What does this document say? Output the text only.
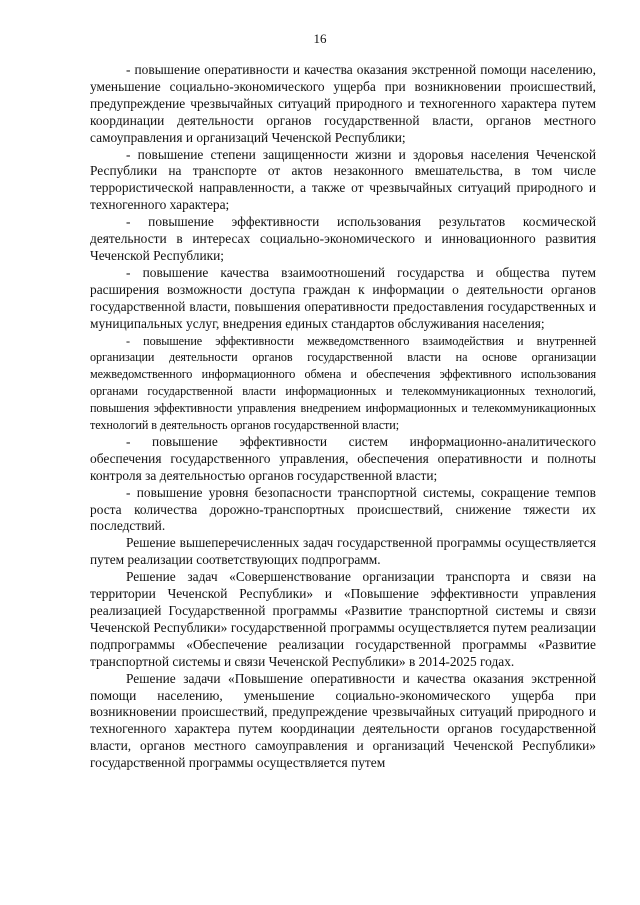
16

- повышение оперативности и качества оказания экстренной помощи населению, уменьшение социально-экономического ущерба при возникновении происшествий, предупреждение чрезвычайных ситуаций природного и техногенного характера путем координации деятельности органов государственной власти, органов местного самоуправления и организаций Чеченской Республики;

- повышение степени защищенности жизни и здоровья населения Чеченской Республики на транспорте от актов незаконного вмешательства, в том числе террористической направленности, а также от чрезвычайных ситуаций природного и техногенного характера;

- повышение эффективности использования результатов космической деятельности в интересах социально-экономического и инновационного развития Чеченской Республики;

- повышение качества взаимоотношений государства и общества путем расширения возможности доступа граждан к информации о деятельности органов государственной власти, повышения оперативности предоставления государственных и муниципальных услуг, внедрения единых стандартов обслуживания населения;

- повышение эффективности межведомственного взаимодействия и внутренней организации деятельности органов государственной власти на основе организации межведомственного информационного обмена и обеспечения эффективного использования органами государственной власти информационных и телекоммуникационных технологий, повышения эффективности управления внедрением информационных и телекоммуникационных технологий в деятельность органов государственной власти;

- повышение эффективности систем информационно-аналитического обеспечения государственного управления, обеспечения оперативности и полноты контроля за деятельностью органов государственной власти;

- повышение уровня безопасности транспортной системы, сокращение темпов роста количества дорожно-транспортных происшествий, снижение тяжести их последствий.

Решение вышеперечисленных задач государственной программы осуществляется путем реализации соответствующих подпрограмм.

Решение задач «Совершенствование организации транспорта и связи на территории Чеченской Республики» и «Повышение эффективности управления реализацией Государственной программы «Развитие транспортной системы и связи Чеченской Республики» государственной программы осуществляется путем реализации подпрограммы «Обеспечение реализации государственной программы «Развитие транспортной системы и связи Чеченской Республики» в 2014-2025 годах.

Решение задачи «Повышение оперативности и качества оказания экстренной помощи населению, уменьшение социально-экономического ущерба при возникновении происшествий, предупреждение чрезвычайных ситуаций природного и техногенного характера путем координации деятельности органов государственной власти, органов местного самоуправления и организаций Чеченской Республики» государственной программы осуществляется путем
